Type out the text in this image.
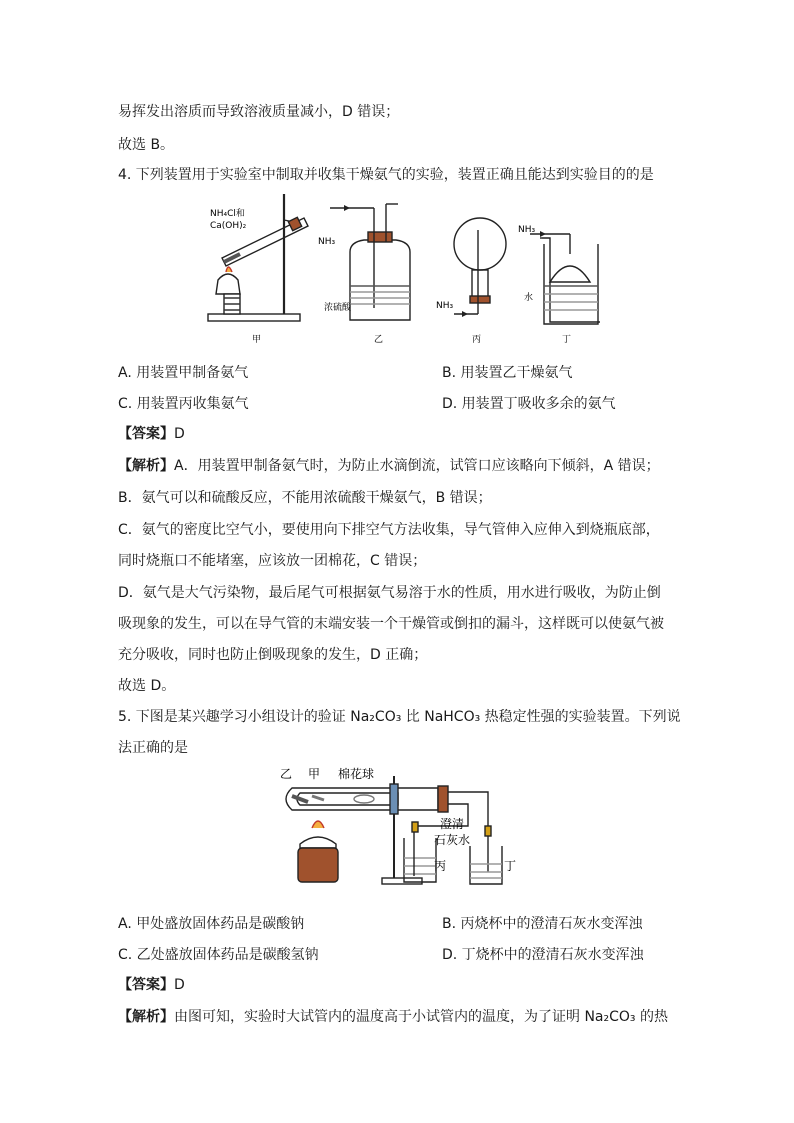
易挥发出溶质而导致溶液质量减小，D 错误；
故选 B。
4. 下列装置用于实验室中制取并收集干燥氨气的实验，装置正确且能达到实验目的的是
NH₄Cl和
Ca(OH)₂
NH₃
浓硫酸	NH₃
NH₃
水
甲	乙	丙	丁
A. 用装置甲制备氨气	B. 用装置乙干燥氨气
C. 用装置丙收集氨气	D. 用装置丁吸收多余的氨气
【答案】D
【解析】A．用装置甲制备氨气时，为防止水滴倒流，试管口应该略向下倾斜，A 错误；
B．氨气可以和硫酸反应，不能用浓硫酸干燥氨气，B 错误；
C．氨气的密度比空气小，要使用向下排空气方法收集，导气管伸入应伸入到烧瓶底部，
同时烧瓶口不能堵塞，应该放一团棉花，C 错误；
D．氨气是大气污染物，最后尾气可根据氨气易溶于水的性质，用水进行吸收，为防止倒
吸现象的发生，可以在导气管的末端安装一个干燥管或倒扣的漏斗，这样既可以使氨气被
充分吸收，同时也防止倒吸现象的发生，D 正确；
故选 D。
5. 下图是某兴趣学习小组设计的验证 Na₂CO₃ 比 NaHCO₃ 热稳定性强的实验装置。下列说
法正确的是
乙 甲 棉花球
澄清
石灰水
丙	丁
A. 甲处盛放固体药品是碳酸钠	B. 丙烧杯中的澄清石灰水变浑浊
C. 乙处盛放固体药品是碳酸氢钠	D. 丁烧杯中的澄清石灰水变浑浊
【答案】D
【解析】由图可知，实验时大试管内的温度高于小试管内的温度，为了证明 Na₂CO₃ 的热
